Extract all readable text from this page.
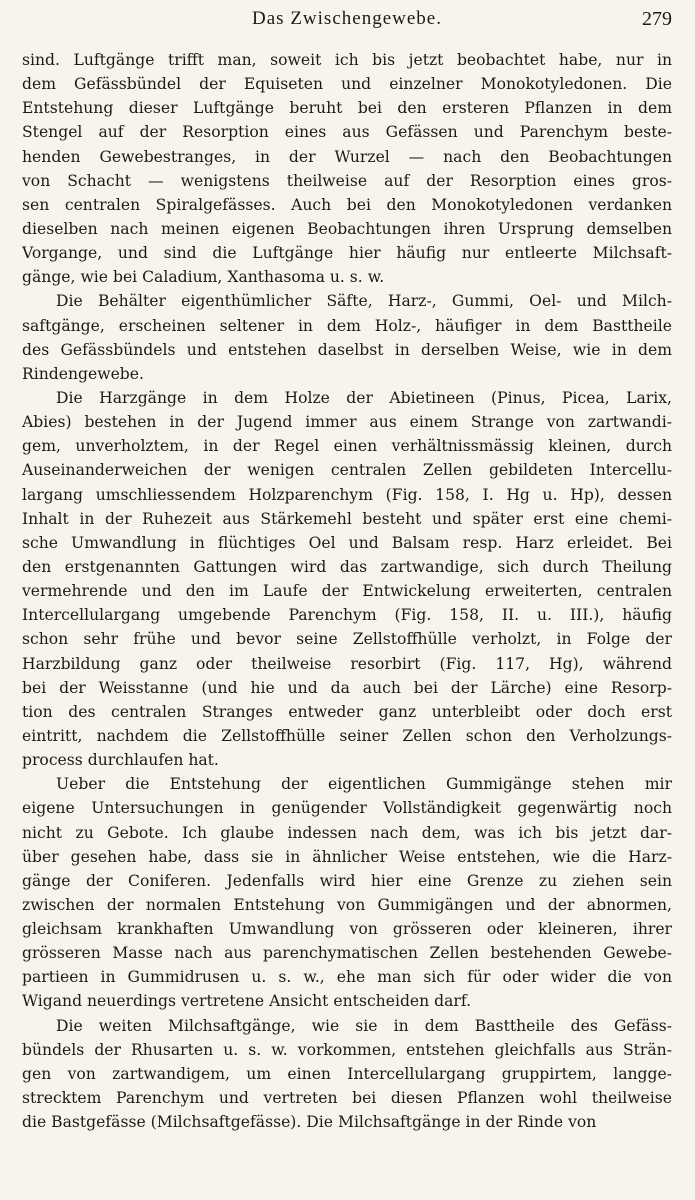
Das Zwischengewebe.	279
sind. Luftgänge trifft man, soweit ich bis jetzt beobachtet habe, nur in
dem Gefässbündel der Equiseten und einzelner Monokotyledonen. Die
Entstehung dieser Luftgänge beruht bei den ersteren Pflanzen in dem
Stengel auf der Resorption eines aus Gefässen und Parenchym beste-
henden Gewebestranges, in der Wurzel — nach den Beobachtungen
von Schacht — wenigstens theilweise auf der Resorption eines gros-
sen centralen Spiralgefässes. Auch bei den Monokotyledonen verdanken
dieselben nach meinen eigenen Beobachtungen ihren Ursprung demselben
Vorgange, und sind die Luftgänge hier häufig nur entleerte Milchsaft-
gänge, wie bei Caladium, Xanthasoma u. s. w.
Die Behälter eigenthümlicher Säfte, Harz-, Gummi, Oel- und Milch-
saftgänge, erscheinen seltener in dem Holz-, häufiger in dem Basttheile
des Gefässbündels und entstehen daselbst in derselben Weise, wie in dem
Rindengewebe.
Die Harzgänge in dem Holze der Abietineen (Pinus, Picea, Larix,
Abies) bestehen in der Jugend immer aus einem Strange von zartwandi-
gem, unverholztem, in der Regel einen verhältnissmässig kleinen, durch
Auseinanderweichen der wenigen centralen Zellen gebildeten Intercellu-
largang umschliessendem Holzparenchym (Fig. 158, I. Hg u. Hp), dessen
Inhalt in der Ruhezeit aus Stärkemehl besteht und später erst eine chemi-
sche Umwandlung in flüchtiges Oel und Balsam resp. Harz erleidet. Bei
den erstgenannten Gattungen wird das zartwandige, sich durch Theilung
vermehrende und den im Laufe der Entwickelung erweiterten, centralen
Intercellulargang umgebende Parenchym (Fig. 158, II. u. III.), häufig
schon sehr frühe und bevor seine Zellstoffhülle verholzt, in Folge der
Harzbildung ganz oder theilweise resorbirt (Fig. 117, Hg), während
bei der Weisstanne (und hie und da auch bei der Lärche) eine Resorp-
tion des centralen Stranges entweder ganz unterbleibt oder doch erst
eintritt, nachdem die Zellstoffhülle seiner Zellen schon den Verholzungs-
process durchlaufen hat.
Ueber die Entstehung der eigentlichen Gummigänge stehen mir
eigene Untersuchungen in genügender Vollständigkeit gegenwärtig noch
nicht zu Gebote. Ich glaube indessen nach dem, was ich bis jetzt dar-
über gesehen habe, dass sie in ähnlicher Weise entstehen, wie die Harz-
gänge der Coniferen. Jedenfalls wird hier eine Grenze zu ziehen sein
zwischen der normalen Entstehung von Gummigängen und der abnormen,
gleichsam krankhaften Umwandlung von grösseren oder kleineren, ihrer
grösseren Masse nach aus parenchymatischen Zellen bestehenden Gewebe-
partieen in Gummidrusen u. s. w., ehe man sich für oder wider die von
Wigand neuerdings vertretene Ansicht entscheiden darf.
Die weiten Milchsaftgänge, wie sie in dem Basttheile des Gefäss-
bündels der Rhusarten u. s. w. vorkommen, entstehen gleichfalls aus Strän-
gen von zartwandigem, um einen Intercellulargang gruppirtem, langge-
strecktem Parenchym und vertreten bei diesen Pflanzen wohl theilweise
die Bastgefässe (Milchsaftgefässe). Die Milchsaftgänge in der Rinde von
